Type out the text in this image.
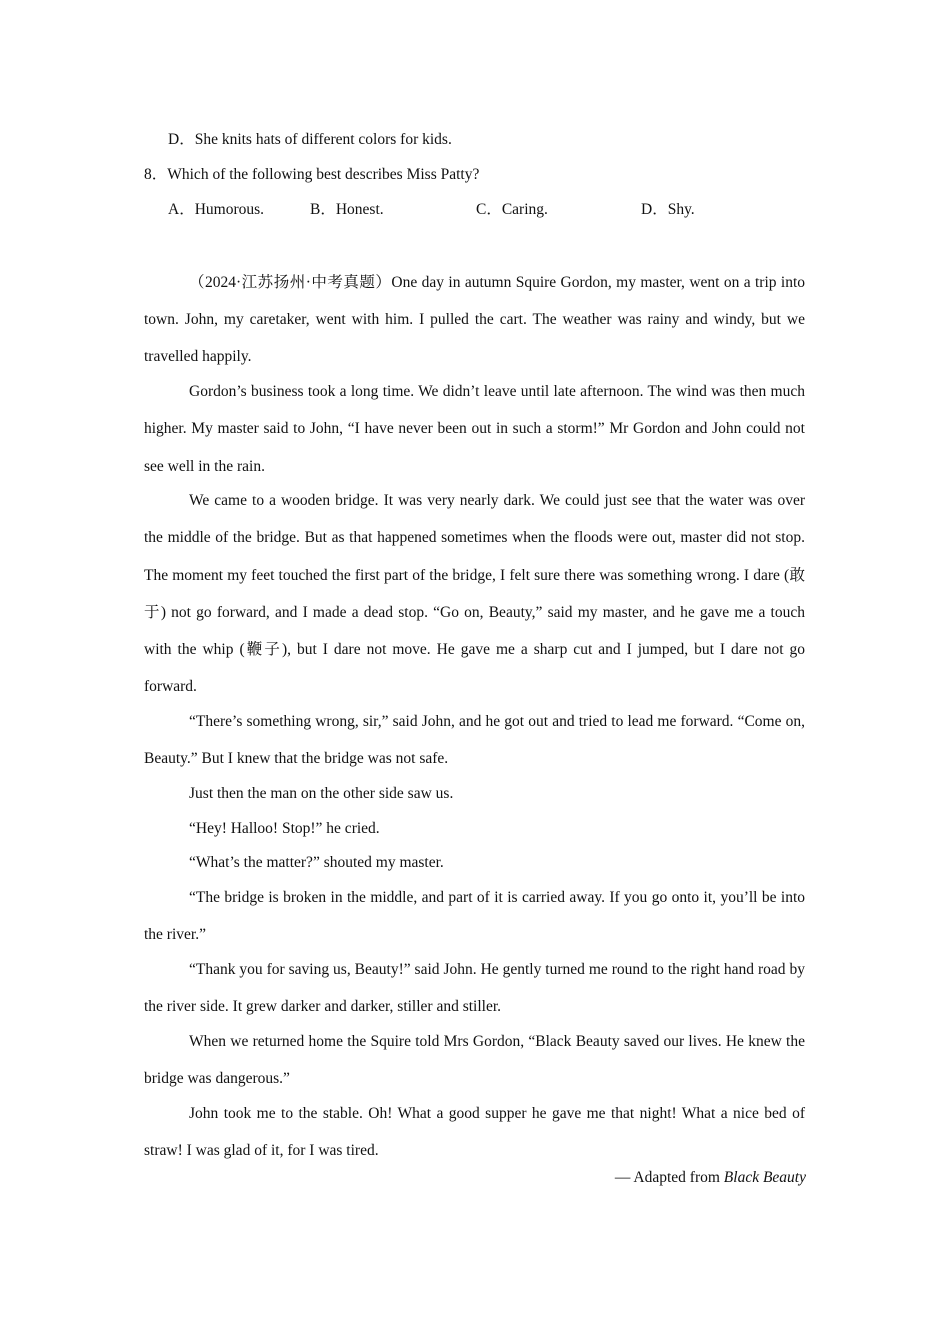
D．She knits hats of different colors for kids.
8．Which of the following best describes Miss Patty?
A．Humorous.	B．Honest.	C．Caring.	D．Shy.

（2024·江苏扬州·中考真题）One day in autumn Squire Gordon, my master, went on a trip into town. John, my caretaker, went with him. I pulled the cart. The weather was rainy and windy, but we travelled happily.

Gordon’s business took a long time. We didn’t leave until late afternoon. The wind was then much higher. My master said to John, “I have never been out in such a storm!” Mr Gordon and John could not see well in the rain.

We came to a wooden bridge. It was very nearly dark. We could just see that the water was over the middle of the bridge. But as that happened sometimes when the floods were out, master did not stop. The moment my feet touched the first part of the bridge, I felt sure there was something wrong. I dare (敢于) not go forward, and I made a dead stop. “Go on, Beauty,” said my master, and he gave me a touch with the whip (鞭子), but I dare not move. He gave me a sharp cut and I jumped, but I dare not go forward.

“There’s something wrong, sir,” said John, and he got out and tried to lead me forward. “Come on, Beauty.” But I knew that the bridge was not safe.

Just then the man on the other side saw us.

“Hey! Halloo! Stop!” he cried.

“What’s the matter?” shouted my master.

“The bridge is broken in the middle, and part of it is carried away. If you go onto it, you’ll be into the river.”

“Thank you for saving us, Beauty!” said John. He gently turned me round to the right hand road by the river side. It grew darker and darker, stiller and stiller.

When we returned home the Squire told Mrs Gordon, “Black Beauty saved our lives. He knew the bridge was dangerous.”

John took me to the stable. Oh! What a good supper he gave me that night! What a nice bed of straw! I was glad of it, for I was tired.

— Adapted from Black Beauty
